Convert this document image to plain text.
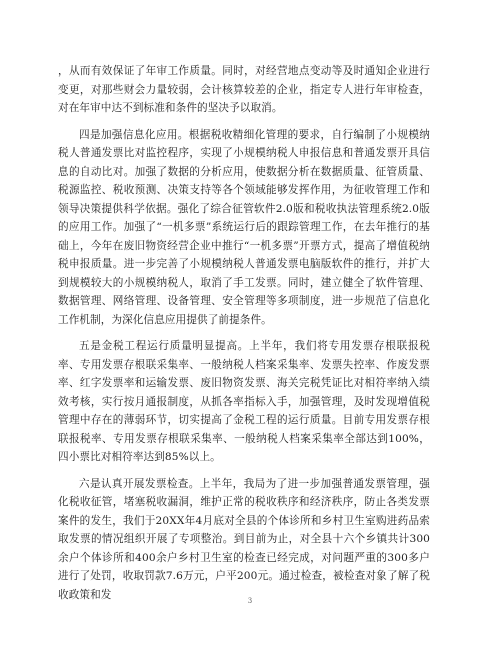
，从而有效保证了年审工作质量。同时，对经营地点变动等及时通知企业进行变更，对那些财会力量较弱，会计核算较差的企业，指定专人进行年审检查，对在年审中达不到标准和条件的坚决予以取消。

四是加强信息化应用。根据税收精细化管理的要求，自行编制了小规模纳税人普通发票比对监控程序，实现了小规模纳税人申报信息和普通发票开具信息的自动比对。加强了数据的分析应用，使数据分析在数据质量、征管质量、税源监控、税收预测、决策支持等各个领域能够发挥作用，为征收管理工作和领导决策提供科学依据。强化了综合征管软件2.0版和税收执法管理系统2.0版的应用工作。加强了“一机多票”系统运行后的跟踪管理工作，在去年推行的基础上，今年在废旧物资经营企业中推行“一机多票”开票方式，提高了增值税纳税申报质量。进一步完善了小规模纳税人普通发票电脑版软件的推行，并扩大到规模较大的小规模纳税人，取消了手工发票。同时，建立健全了软件管理、数据管理、网络管理、设备管理、安全管理等多项制度，进一步规范了信息化工作机制，为深化信息应用提供了前提条件。

五是金税工程运行质量明显提高。上半年，我们将专用发票存根联报税率、专用发票存根联采集率、一般纳税人档案采集率、发票失控率、作废发票率、红字发票率和运输发票、废旧物资发票、海关完税凭证比对相符率纳入绩效考核，实行按月通报制度，从抓各率指标入手，加强管理，及时发现增值税管理中存在的薄弱环节，切实提高了金税工程的运行质量。目前专用发票存根联报税率、专用发票存根联采集率、一般纳税人档案采集率全部达到100%，四小票比对相符率达到85%以上。

六是认真开展发票检查。上半年，我局为了进一步加强普通发票管理，强化税收征管，堵塞税收漏洞，维护正常的税收秩序和经济秩序，防止各类发票案件的发生，我们于20XX年4月底对全县的个体诊所和乡村卫生室购进药品索取发票的情况组织开展了专项整治。到目前为止，对全县十六个乡镇共计300余户个体诊所和400余户乡村卫生室的检查已经完成，对问题严重的300多户进行了处罚，收取罚款7.6万元，户平200元。通过检查，被检查对象了解了税收政策和发

3
